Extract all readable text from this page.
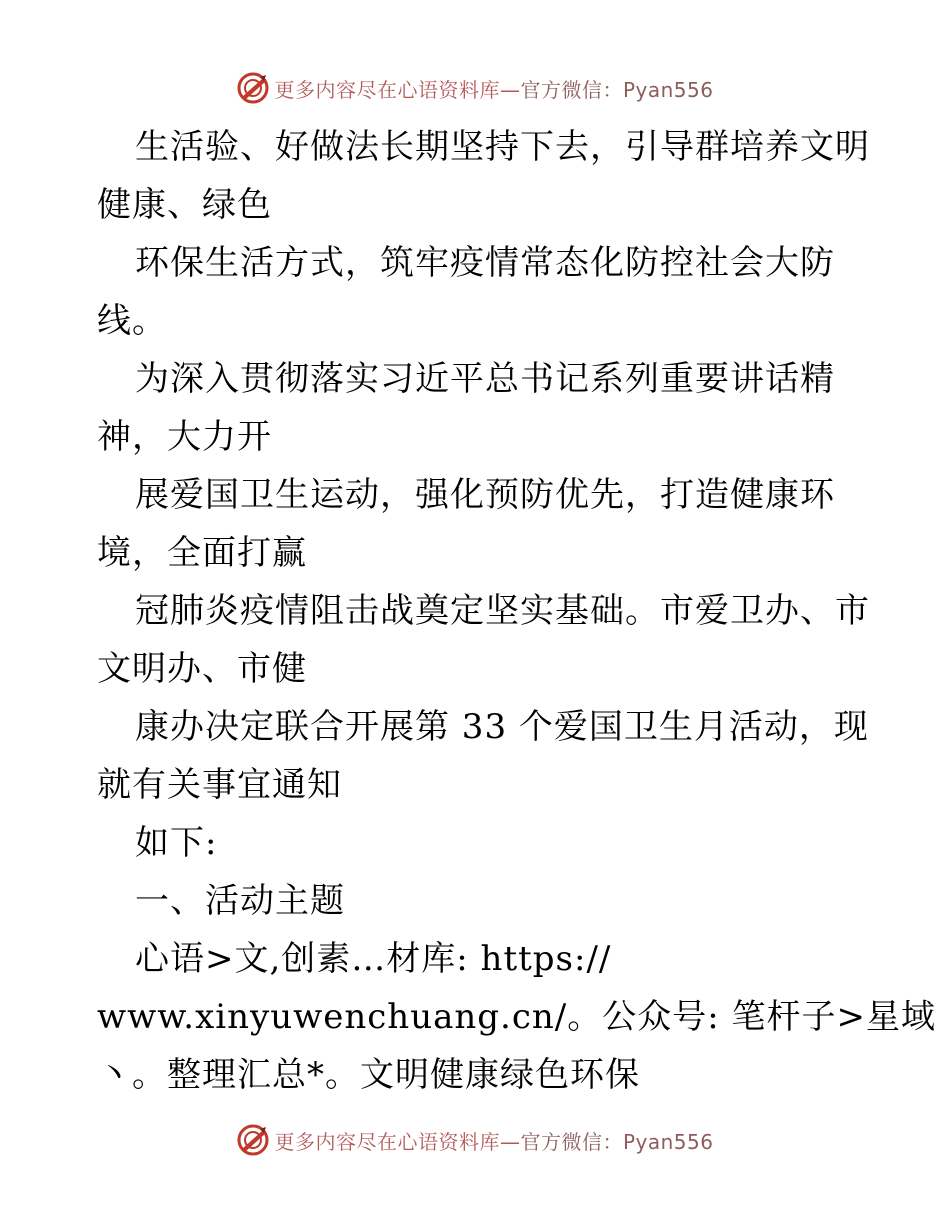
更多内容尽在心语资料库—官方微信：Pyan556

生活验、好做法长期坚持下去，引导群培养文明

健康、绿色

环保生活方式，筑牢疫情常态化防控社会大防

线。

为深入贯彻落实习近平总书记系列重要讲话精

神，大力开

展爱国卫生运动，强化预防优先，打造健康环

境，全面打赢

冠肺炎疫情阻击战奠定坚实基础。市爱卫办、市

文明办、市健

康办决定联合开展第 33 个爱国卫生月活动，现

就有关事宜通知

如下:

一、活动主题

心语>文,创素…材库: https://

www.xinyuwenchuang.cn/。公众号: 笔杆子>星域

丶。整理汇总*。文明健康绿色环保

更多内容尽在心语资料库—官方微信：Pyan556
